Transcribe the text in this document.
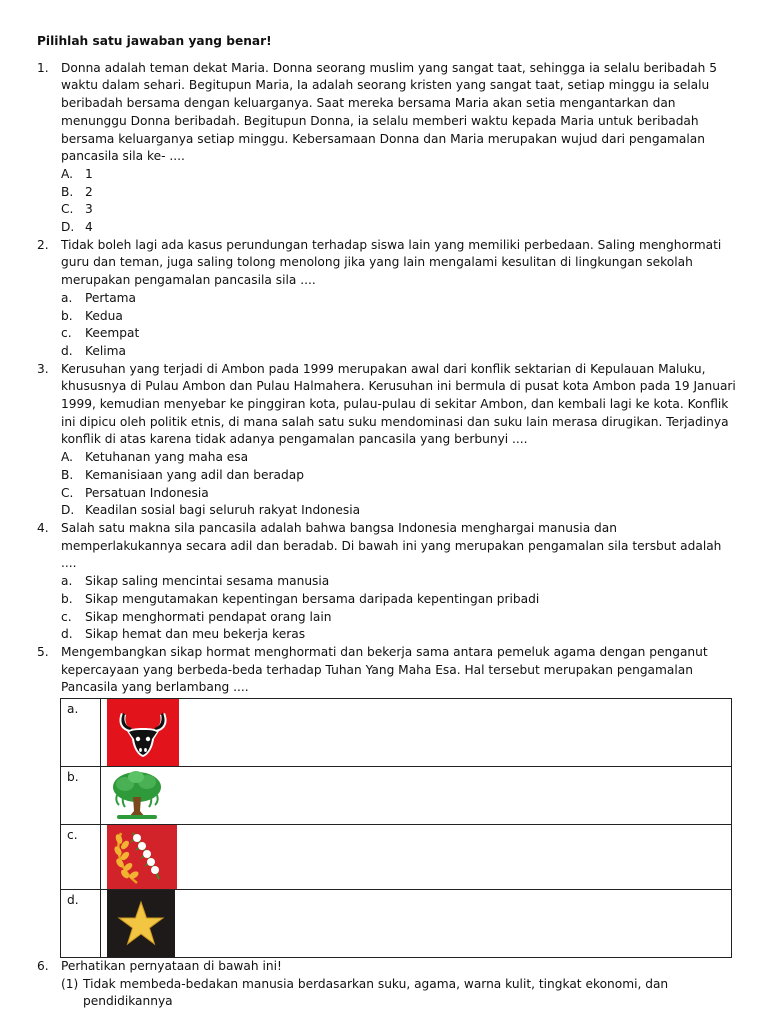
Pilihlah satu jawaban yang benar!
1. Donna adalah teman dekat Maria. Donna seorang muslim yang sangat taat, sehingga ia selalu beribadah 5 waktu dalam sehari. Begitupun Maria, Ia adalah seorang kristen yang sangat taat, setiap minggu ia selalu beribadah bersama dengan keluarganya. Saat mereka bersama Maria akan setia mengantarkan dan menunggu Donna beribadah. Begitupun Donna, ia selalu memberi waktu kepada Maria untuk beribadah bersama keluarganya setiap minggu. Kebersamaan Donna dan Maria merupakan wujud dari pengamalan pancasila sila ke- ....
A. 1
B. 2
C. 3
D. 4
2. Tidak boleh lagi ada kasus perundungan terhadap siswa lain yang memiliki perbedaan. Saling menghormati guru dan teman, juga saling tolong menolong jika yang lain mengalami kesulitan di lingkungan sekolah merupakan pengamalan pancasila sila ....
a. Pertama
b. Kedua
c. Keempat
d. Kelima
3. Kerusuhan yang terjadi di Ambon pada 1999 merupakan awal dari konflik sektarian di Kepulauan Maluku, khususnya di Pulau Ambon dan Pulau Halmahera. Kerusuhan ini bermula di pusat kota Ambon pada 19 Januari 1999, kemudian menyebar ke pinggiran kota, pulau-pulau di sekitar Ambon, dan kembali lagi ke kota. Konflik ini dipicu oleh politik etnis, di mana salah satu suku mendominasi dan suku lain merasa dirugikan. Terjadinya konflik di atas karena tidak adanya pengamalan pancasila yang berbunyi ....
A. Ketuhanan yang maha esa
B. Kemanisiaan yang adil dan beradap
C. Persatuan Indonesia
D. Keadilan sosial bagi seluruh rakyat Indonesia
4. Salah satu makna sila pancasila adalah bahwa bangsa Indonesia menghargai manusia dan memperlakukannya secara adil dan beradab. Di bawah ini yang merupakan pengamalan sila tersbut adalah ....
a. Sikap saling mencintai sesama manusia
b. Sikap mengutamakan kepentingan bersama daripada kepentingan pribadi
c. Sikap menghormati pendapat orang lain
d. Sikap hemat dan meu bekerja keras
5. Mengembangkan sikap hormat menghormati dan bekerja sama antara pemeluk agama dengan penganut kepercayaan yang berbeda-beda terhadap Tuhan Yang Maha Esa. Hal tersebut merupakan pengamalan Pancasila yang berlambang ....
a.	

b.	

c.	

d.	
6. Perhatikan pernyataan di bawah ini!
(1) Tidak membeda-bedakan manusia berdasarkan suku, agama, warna kulit, tingkat ekonomi, dan pendidikannya
